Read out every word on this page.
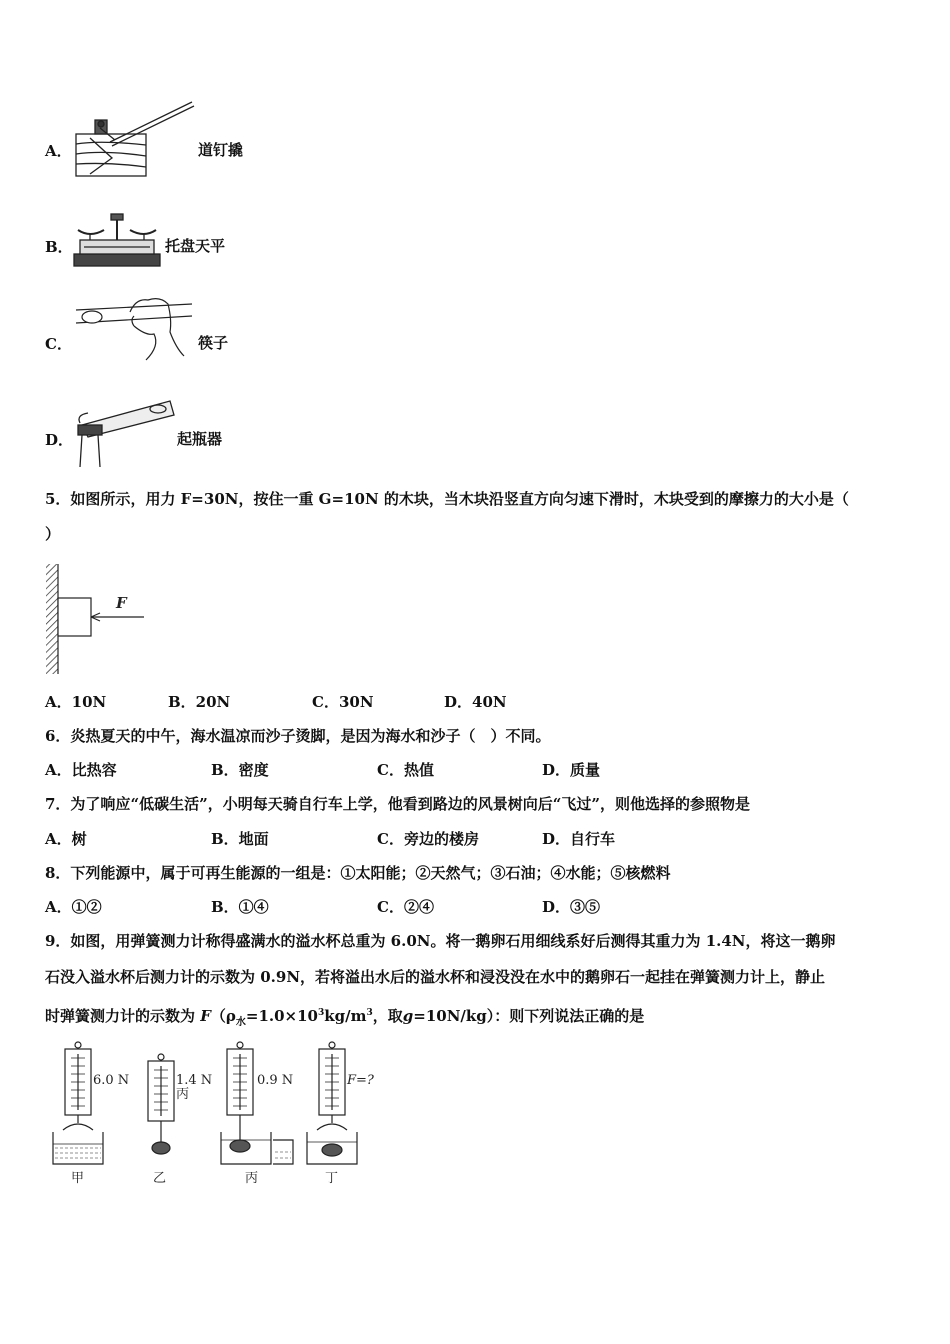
A．	道钉撬
B．	托盘天平
C．	筷子
D．	起瓶器
5．如图所示，用力 F=30N，按住一重 G=10N 的木块，当木块沿竖直方向匀速下滑时，木块受到的摩擦力的大小是（
）
F
A．10N	B．20N	C．30N	D．40N
6．炎热夏天的中午，海水温凉而沙子烫脚，是因为海水和沙子（　）不同。
A．比热容	B．密度	C．热值	D．质量
7．为了响应“低碳生活”，小明每天骑自行车上学，他看到路边的风景树向后“飞过”，则他选择的参照物是
A．树	B．地面	C．旁边的楼房	D．自行车
8．下列能源中，属于可再生能源的一组是：①太阳能；②天然气；③石油；④水能；⑤核燃料
A．①②	B．①④	C．②④	D．③⑤
9．如图，用弹簧测力计称得盛满水的溢水杯总重为 6.0N。将一鹅卵石用细线系好后测得其重力为 1.4N，将这一鹅卵
石没入溢水杯后测力计的示数为 0.9N，若将溢出水后的溢水杯和浸没没在水中的鹅卵石一起挂在弹簧测力计上，静止
时弹簧测力计的示数为 $F(\rho_水=1.0\times 10^3kg/m^3$，取g=10N/kg）：则下列说法正确的是
6.0 N	1.4 N
丙
0.9 N	F=?
甲	乙	丙	丁
